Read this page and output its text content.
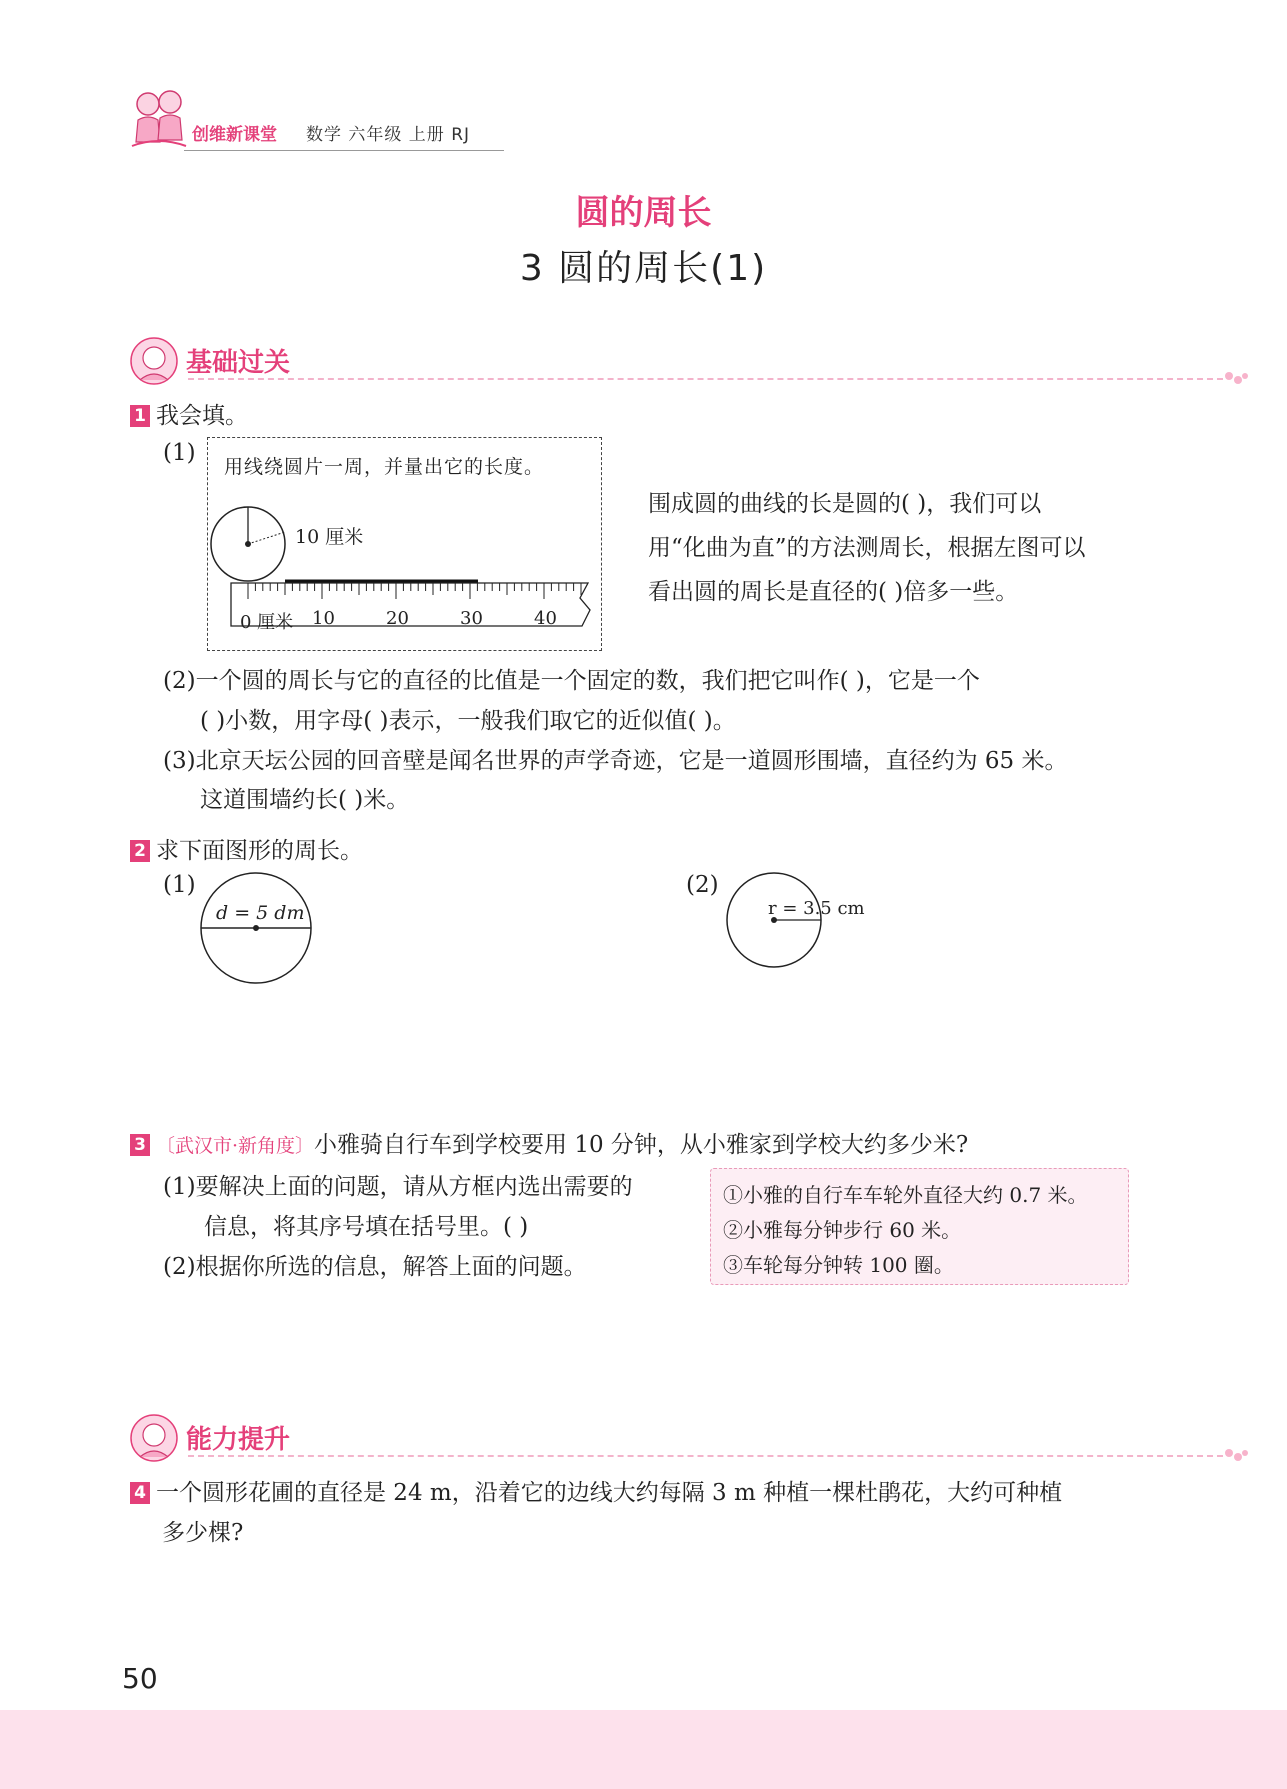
创维新课堂 数学 六年级 上册 RJ
圆的周长
3 圆的周长(1)
基础过关
1 我会填。
(1)
用线绕圆片一周，并量出它的长度。
10 厘米
0 厘米 10	20	30	40
围成圆的曲线的长是圆的( )，我们可以
用“化曲为直”的方法测周长，根据左图可以
看出圆的周长是直径的( )倍多一些。
(2)一个圆的周长与它的直径的比值是一个固定的数，我们把它叫作( )，它是一个
( )小数，用字母( )表示，一般我们取它的近似值( )。
(3)北京天坛公园的回音壁是闻名世界的声学奇迹，它是一道圆形围墙，直径约为 65 米。
这道围墙约长( )米。
2 求下面图形的周长。
(1)
d = 5 dm
(2)
r = 3.5 cm
3 〔武汉市·新角度〕小雅骑自行车到学校要用 10 分钟，从小雅家到学校大约多少米?
(1)要解决上面的问题，请从方框内选出需要的
信息，将其序号填在括号里。( )
(2)根据你所选的信息，解答上面的问题。
①小雅的自行车车轮外直径大约 0.7 米。
②小雅每分钟步行 60 米。
③车轮每分钟转 100 圈。
能力提升
4 一个圆形花圃的直径是 24 m，沿着它的边线大约每隔 3 m 种植一棵杜鹃花，大约可种植
多少棵?
50
